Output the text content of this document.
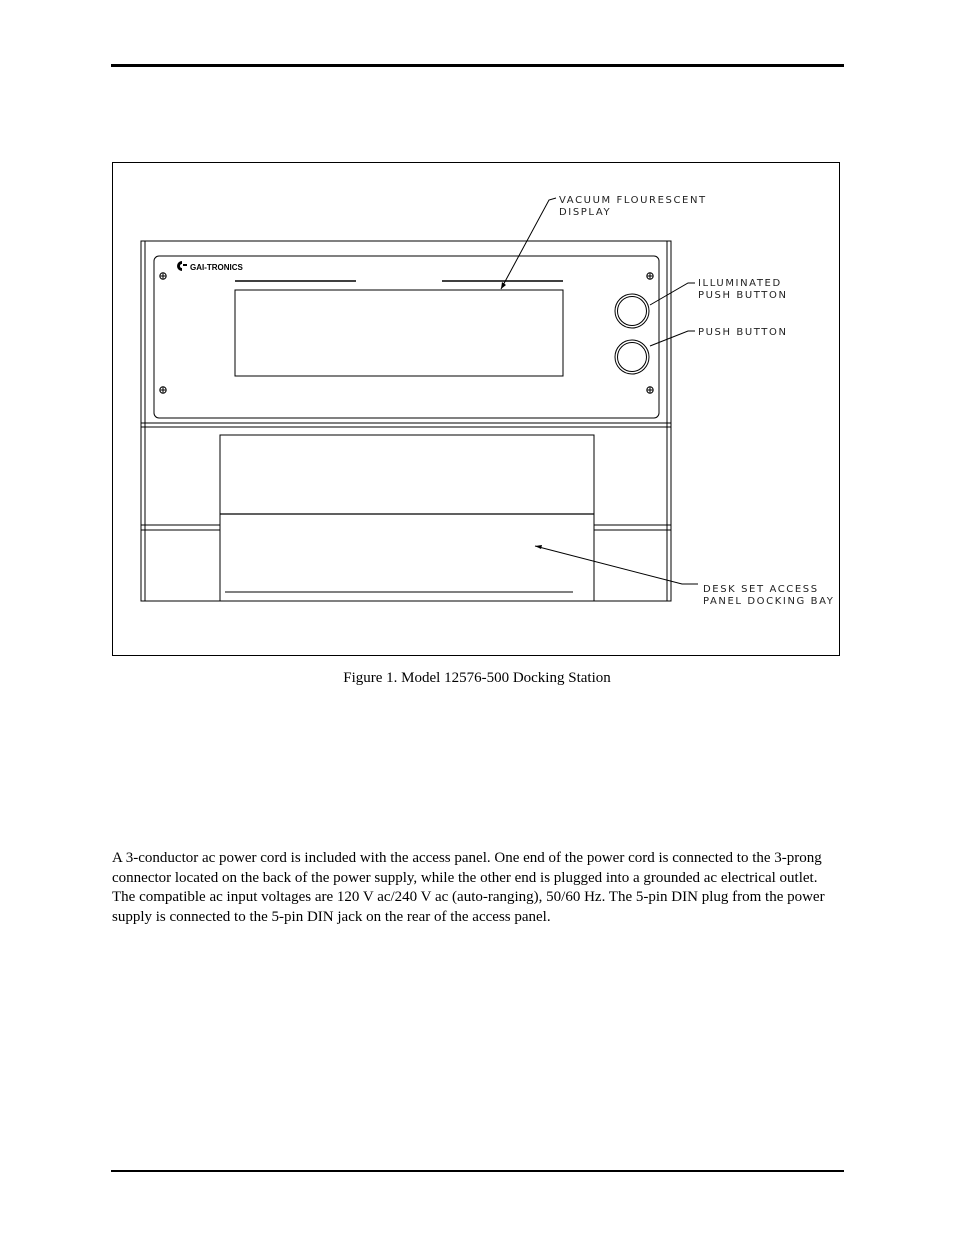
GAI-TRONICS
VACUUM FLOURESCENT
DISPLAY
ILLUMINATED
PUSH BUTTON
PUSH BUTTON
DESK SET ACCESS
PANEL DOCKING BAY
Figure 1. Model 12576-500 Docking Station
A 3-conductor ac power cord is included with the access panel. One end of the power cord is connected to the 3-prong connector located on the back of the power supply, while the other end is plugged into a grounded ac electrical outlet. The compatible ac input voltages are 120 V ac/240 V ac (auto-ranging), 50/60 Hz. The 5-pin DIN plug from the power supply is connected to the 5-pin DIN jack on the rear of the access panel.
